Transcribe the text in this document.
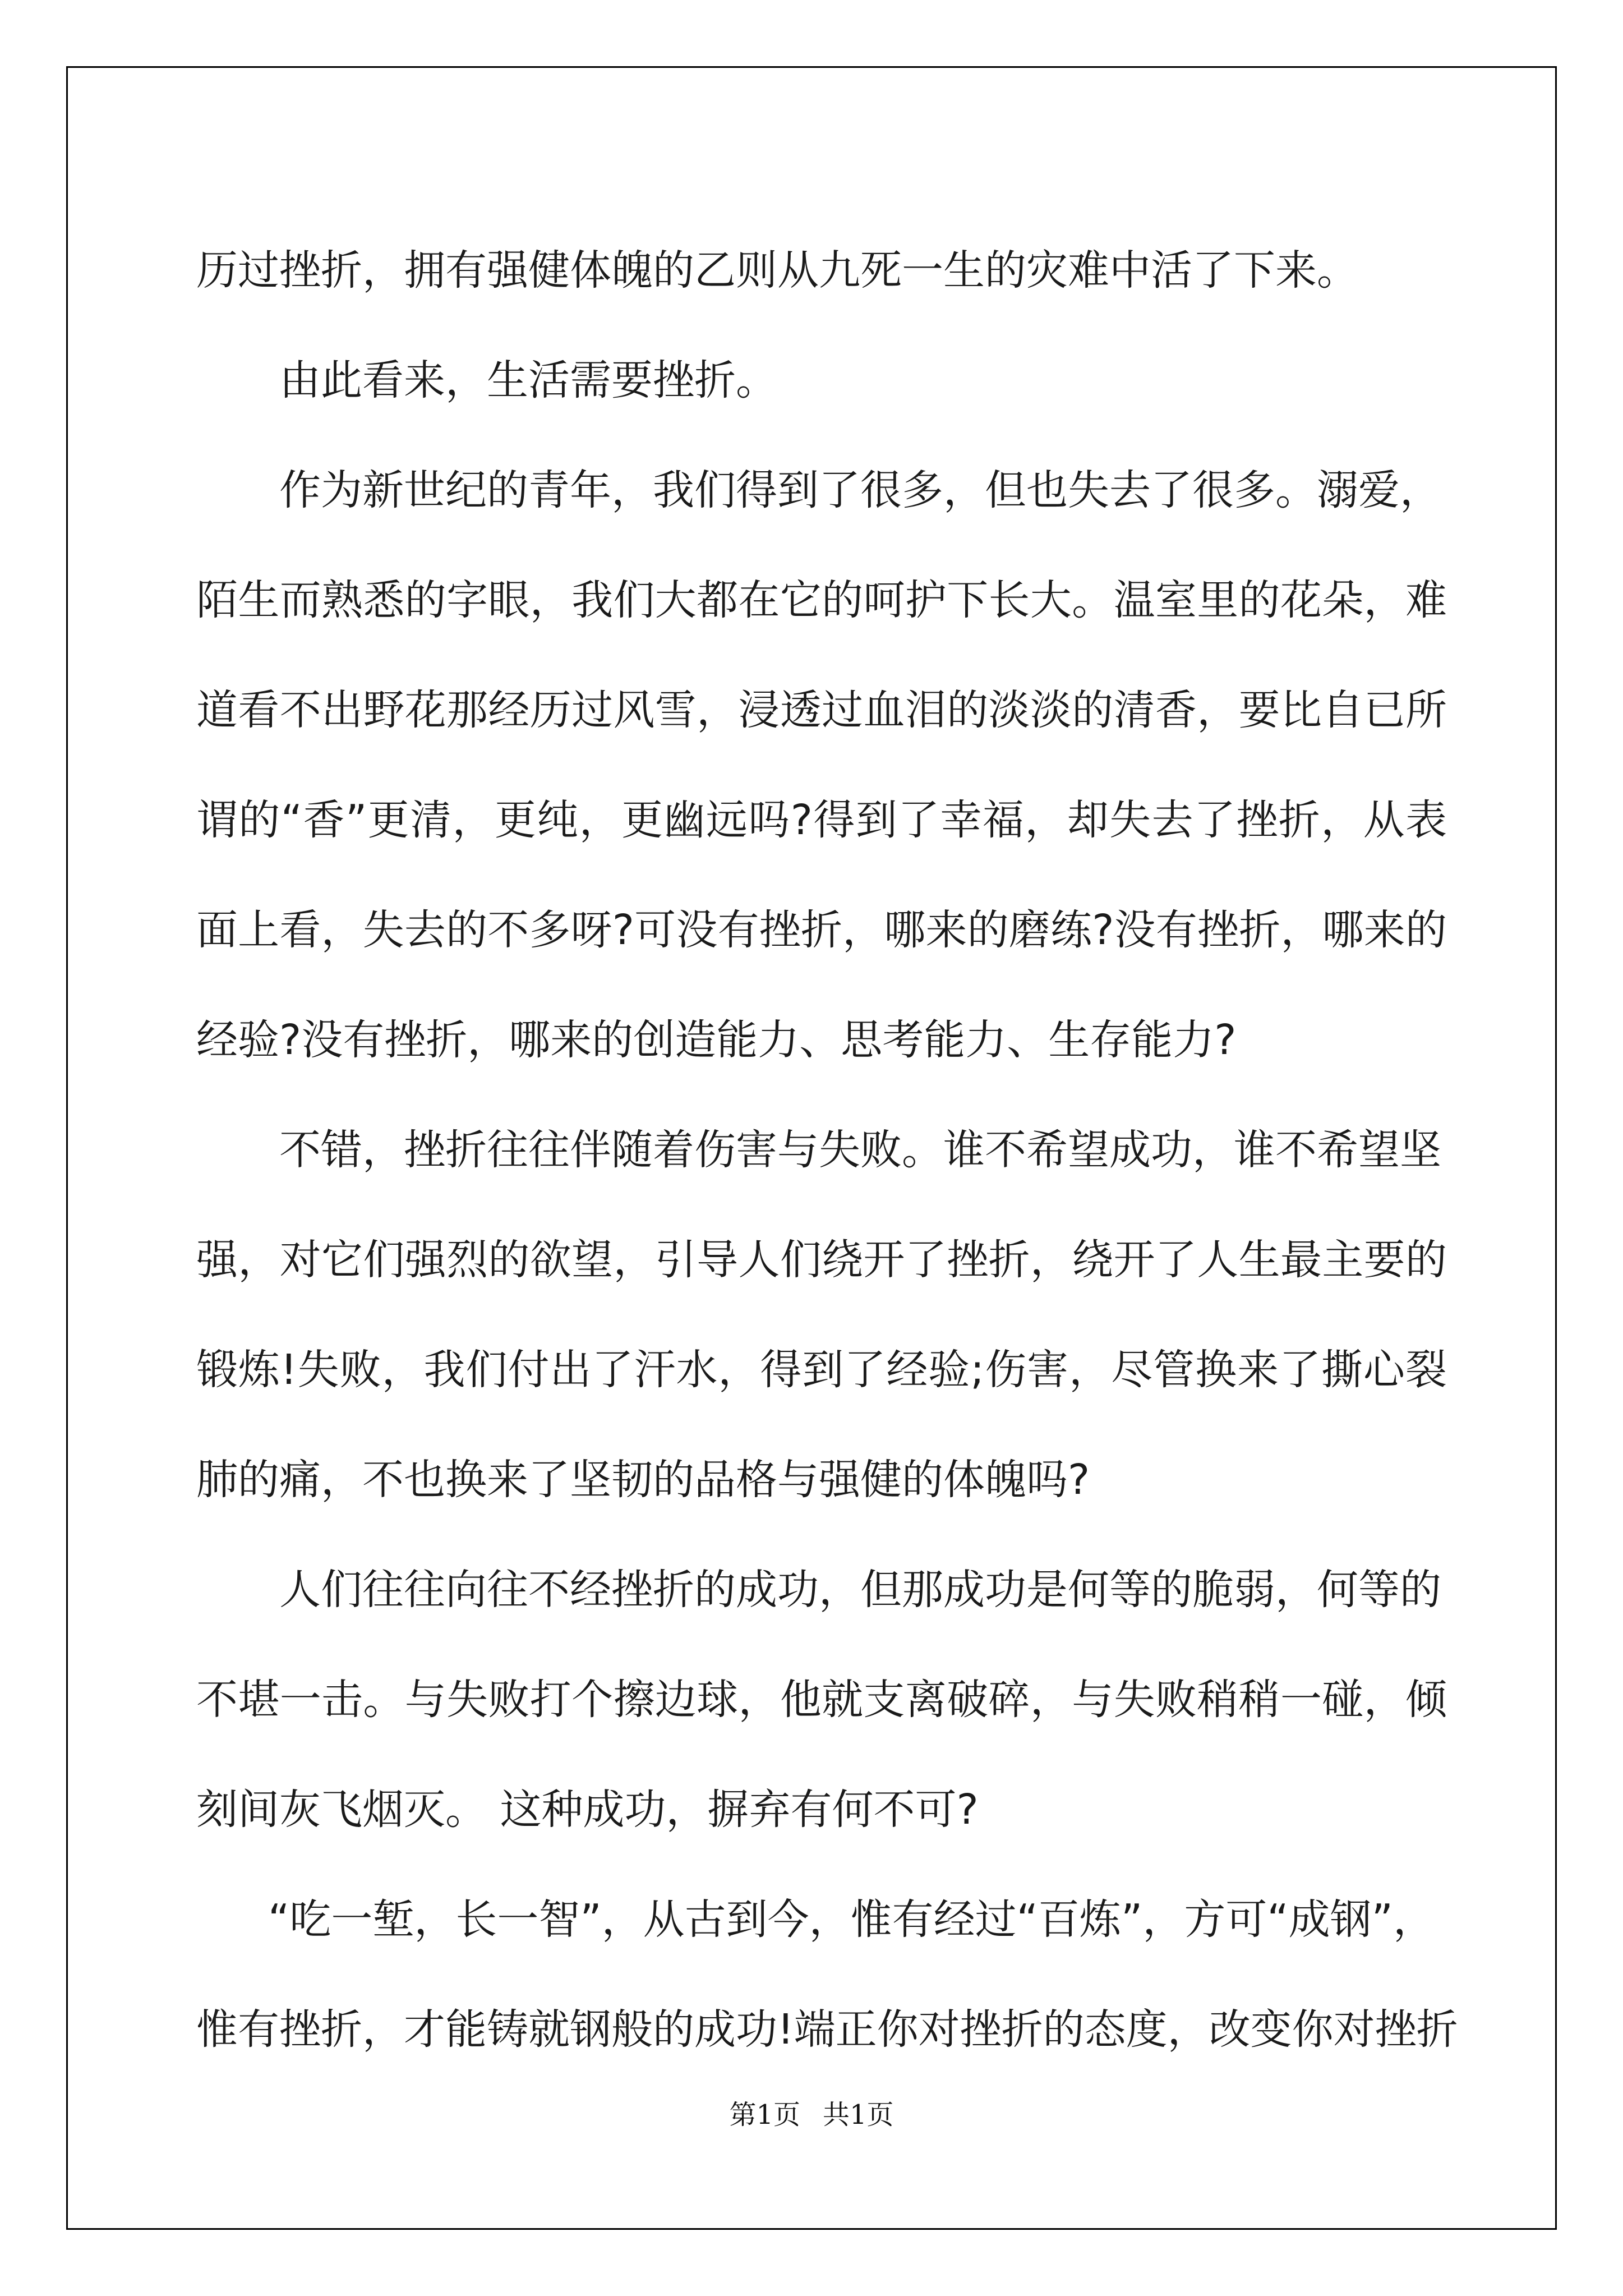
历过挫折，拥有强健体魄的乙则从九死一生的灾难中活了下来。
由此看来，生活需要挫折。
作为新世纪的青年，我们得到了很多，但也失去了很多。溺爱，
陌生而熟悉的字眼，我们大都在它的呵护下长大。温室里的花朵，难
道看不出野花那经历过风雪，浸透过血泪的淡淡的清香，要比自已所
谓的“香”更清，更纯，更幽远吗?得到了幸福，却失去了挫折，从表
面上看，失去的不多呀?可没有挫折，哪来的磨练?没有挫折，哪来的
经验?没有挫折，哪来的创造能力、思考能力、生存能力?
不错，挫折往往伴随着伤害与失败。谁不希望成功，谁不希望坚
强，对它们强烈的欲望，引导人们绕开了挫折，绕开了人生最主要的
锻炼!失败，我们付出了汗水，得到了经验;伤害，尽管换来了撕心裂
肺的痛，不也换来了坚韧的品格与强健的体魄吗?
人们往往向往不经挫折的成功，但那成功是何等的脆弱，何等的
不堪一击。与失败打个擦边球，他就支离破碎，与失败稍稍一碰，倾
刻间灰飞烟灭。 这种成功，摒弃有何不可?
“吃一堑，长一智”，从古到今，惟有经过“百炼”，方可“成钢”，
惟有挫折，才能铸就钢般的成功!端正你对挫折的态度，改变你对挫折
第1页 共1页
